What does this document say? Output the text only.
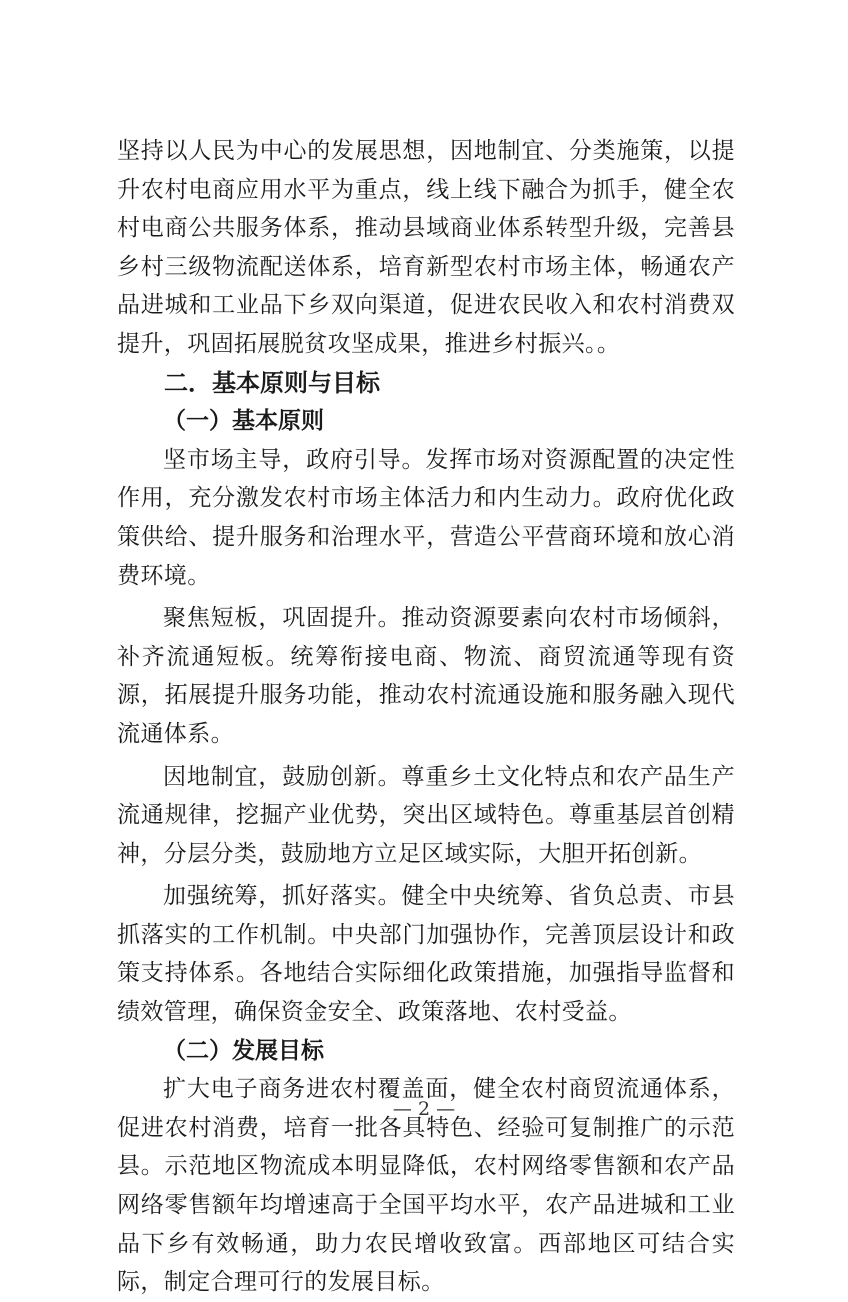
坚持以人民为中心的发展思想，因地制宜、分类施策，以提升农村电商应用水平为重点，线上线下融合为抓手，健全农村电商公共服务体系，推动县域商业体系转型升级，完善县乡村三级物流配送体系，培育新型农村市场主体，畅通农产品进城和工业品下乡双向渠道，促进农民收入和农村消费双提升，巩固拓展脱贫攻坚成果，推进乡村振兴。。

二．基本原则与目标
（一）基本原则

坚市场主导，政府引导。发挥市场对资源配置的决定性作用，充分激发农村市场主体活力和内生动力。政府优化政策供给、提升服务和治理水平，营造公平营商环境和放心消费环境。

聚焦短板，巩固提升。推动资源要素向农村市场倾斜，补齐流通短板。统筹衔接电商、物流、商贸流通等现有资源，拓展提升服务功能，推动农村流通设施和服务融入现代流通体系。

因地制宜，鼓励创新。尊重乡土文化特点和农产品生产流通规律，挖掘产业优势，突出区域特色。尊重基层首创精神，分层分类，鼓励地方立足区域实际，大胆开拓创新。

加强统筹，抓好落实。健全中央统筹、省负总责、市县抓落实的工作机制。中央部门加强协作，完善顶层设计和政策支持体系。各地结合实际细化政策措施，加强指导监督和绩效管理，确保资金安全、政策落地、农村受益。

（二）发展目标

扩大电子商务进农村覆盖面，健全农村商贸流通体系，促进农村消费，培育一批各具特色、经验可复制推广的示范县。示范地区物流成本明显降低，农村网络零售额和农产品网络零售额年均增速高于全国平均水平，农产品进城和工业品下乡有效畅通，助力农民增收致富。西部地区可结合实际，制定合理可行的发展目标。

— 2 —
